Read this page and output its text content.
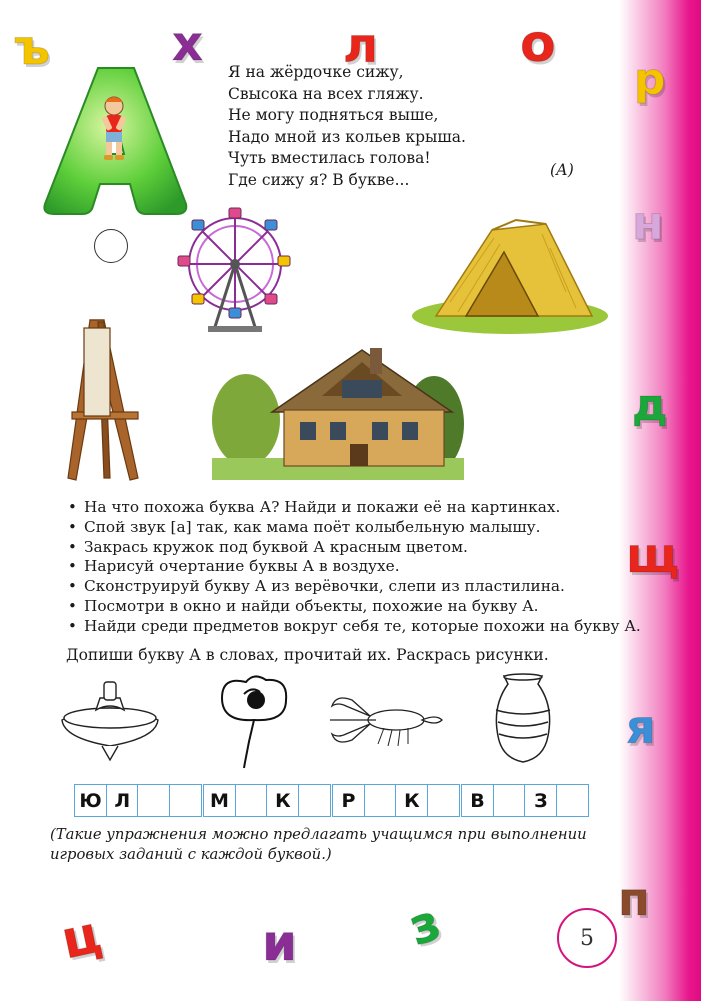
ъ	х	л	о
р
н
д
щ
я
п
ц	и з
Я на жёрдочке сижу,
Свысока на всех гляжу.
Не могу подняться выше,
Надо мной из кольев крыша.
Чуть вместилась голова!
Где сижу я? В букве...
(А)
• На что похожа буква А? Найди и покажи её на картинках.
• Спой звук [а] так, как мама поёт колыбельную малышу.
• Закрась кружок под буквой А красным цветом.
• Нарисуй очертание буквы А в воздухе.
• Сконструируй букву А из верёвочки, слепи из пластилина.
• Посмотри в окно и найди объекты, похожие на букву А.
• Найди среди предметов вокруг себя те, которые похожи на букву А.
Допиши букву А в словах, прочитай их. Раскрась рисунки.
Ю Л	М	К	Р	К	В	З
(Такие упражнения можно предлагать учащимся при выполнении игровых заданий с каждой буквой.)
5
